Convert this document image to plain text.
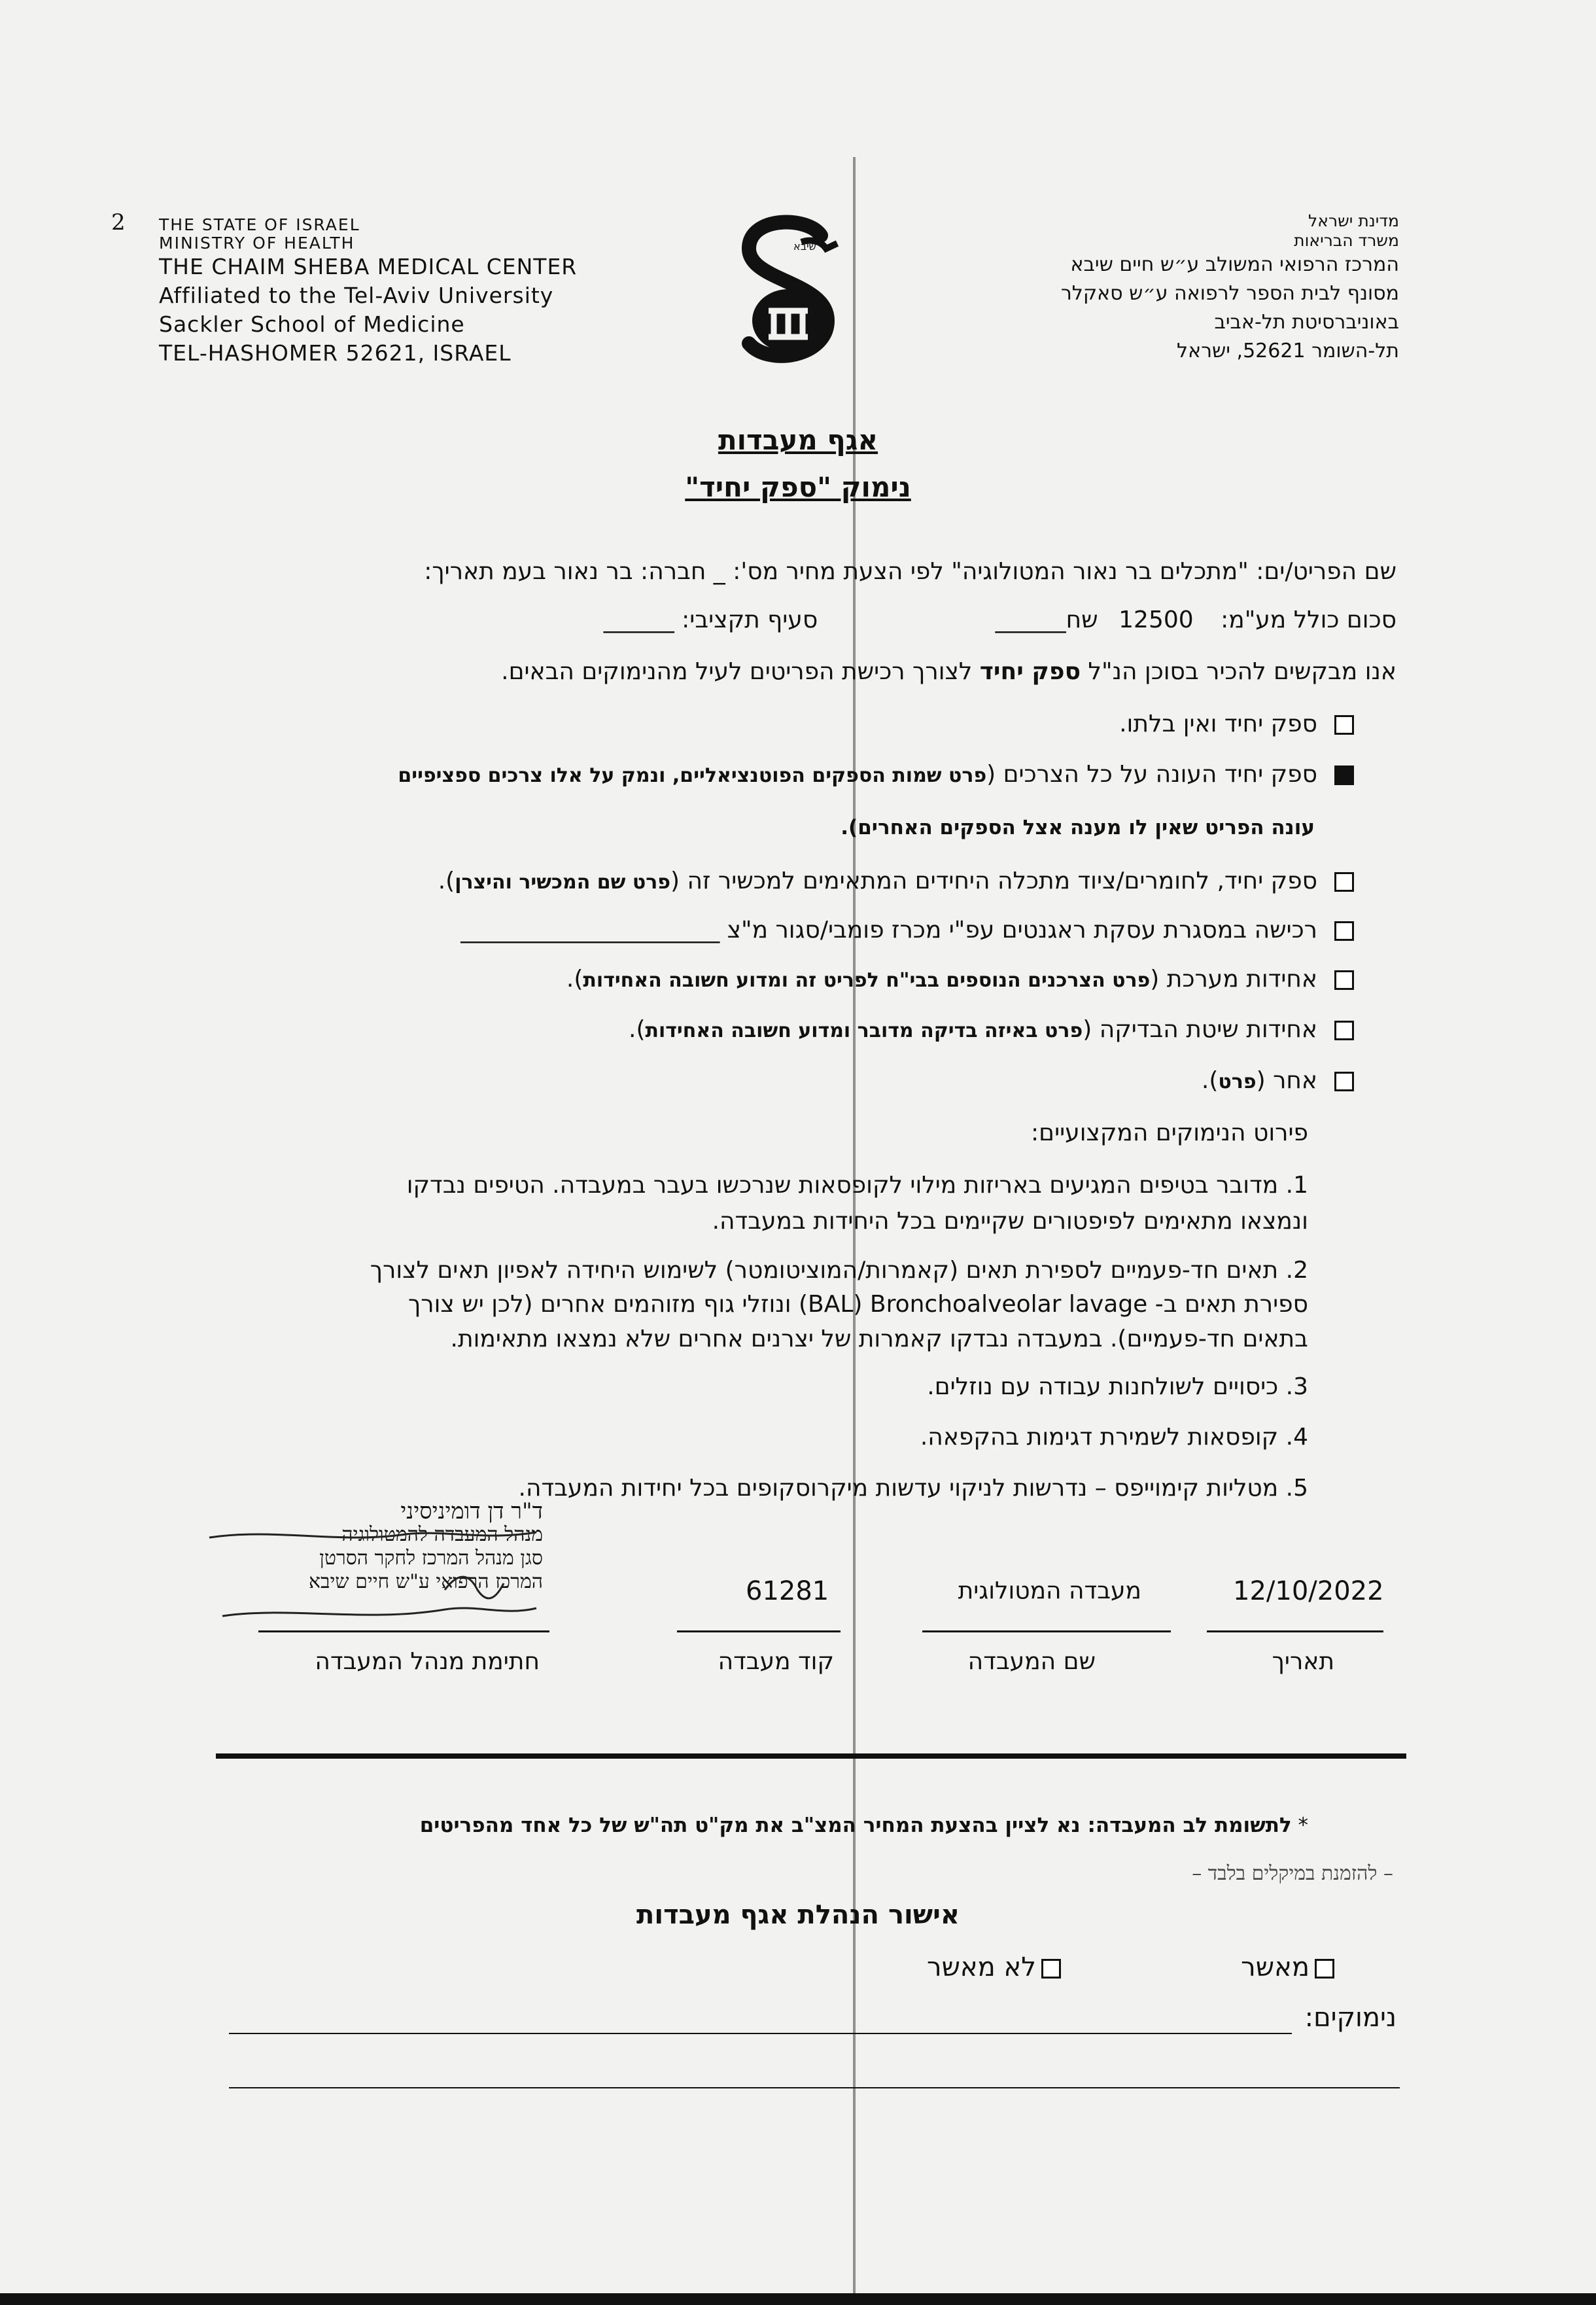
2 THE STATE OF ISRAEL
MINISTRY OF HEALTH
THE CHAIM SHEBA MEDICAL CENTER
Affiliated to the Tel-Aviv University
Sackler School of Medicine
TEL-HASHOMER 52621, ISRAEL
שיבא
מדינת ישראל
משרד הבריאות
המרכז הרפואי המשולב ע״ש חיים שיבא
מסונף לבית הספר לרפואה ע״ש סאקלר
באוניברסיטת תל-אביב
תל-השומר 52621, ישראל
אגף מעבדות
נימוק "ספק יחיד"
שם הפריט/ים: "מתכלים בר נאור המטולוגיה" לפי הצעת מחיר מס': _ חברה: בר נאור בעמ תאריך:
סכום כולל מע"מ: 12500 שח______ סעיף תקציבי: ______
אנו מבקשים להכיר בסוכן הנ"ל ספק יחיד לצורך רכישת הפריטים לעיל מהנימוקים הבאים.
ספק יחיד ואין בלתו.
ספק יחיד העונה על כל הצרכים (פרט שמות הספקים הפוטנציאליים, ונמק על אלו צרכים ספציפיים
עונה הפריט שאין לו מענה אצל הספקים האחרים).
ספק יחיד, לחומרים/ציוד מתכלה היחידים המתאימים למכשיר זה (פרט שם המכשיר והיצרן).
רכישה במסגרת עסקת ראגנטים עפ"י מכרז פומבי/סגור מ"צ ______________________
אחידות מערכת (פרט הצרכנים הנוספים בבי"ח לפריט זה ומדוע חשובה האחידות).
אחידות שיטת הבדיקה (פרט באיזה בדיקה מדובר ומדוע חשובה האחידות).
אחר (פרט).
פירוט הנימוקים המקצועיים:
1. מדובר בטיפים המגיעים באריזות מילוי לקופסאות שנרכשו בעבר במעבדה. הטיפים נבדקו
ונמצאו מתאימים לפיפטורים שקיימים בכל היחידות במעבדה.
2. תאים חד-פעמיים לספירת תאים (קאמרות/המוציטומטר) לשימוש היחידה לאפיון תאים לצורך
ספירת תאים ב- BAL) Bronchoalveolar lavage) ונוזלי גוף מזוהמים אחרים (לכן יש צורך
בתאים חד-פעמיים). במעבדה נבדקו קאמרות של יצרנים אחרים שלא נמצאו מתאימות.
3. כיסויים לשולחנות עבודה עם נוזלים.
4. קופסאות לשמירת דגימות בהקפאה.
5. מטליות קימוייפס – נדרשות לניקוי עדשות מיקרוסקופים בכל יחידות המעבדה.
ד"ר דן דומיניסיני
מנהל המעבדה להמטולוגיה
סגן מנהל המרכז לחקר הסרטן
המרכז הרפואי ע"ש חיים שיבא	12/10/2022
מעבדה המטולוגית
61281
תאריך
שם המעבדה
קוד מעבדה
חתימת מנהל המעבדה
* לתשומת לב המעבדה: נא לציין בהצעת המחיר המצ"ב את מק"ט תה"ש של כל אחד מהפריטים
– להזמנת במיקלים בלבד –
אישור הנהלת אגף מעבדות
מאשר
לא מאשר
נימוקים:
